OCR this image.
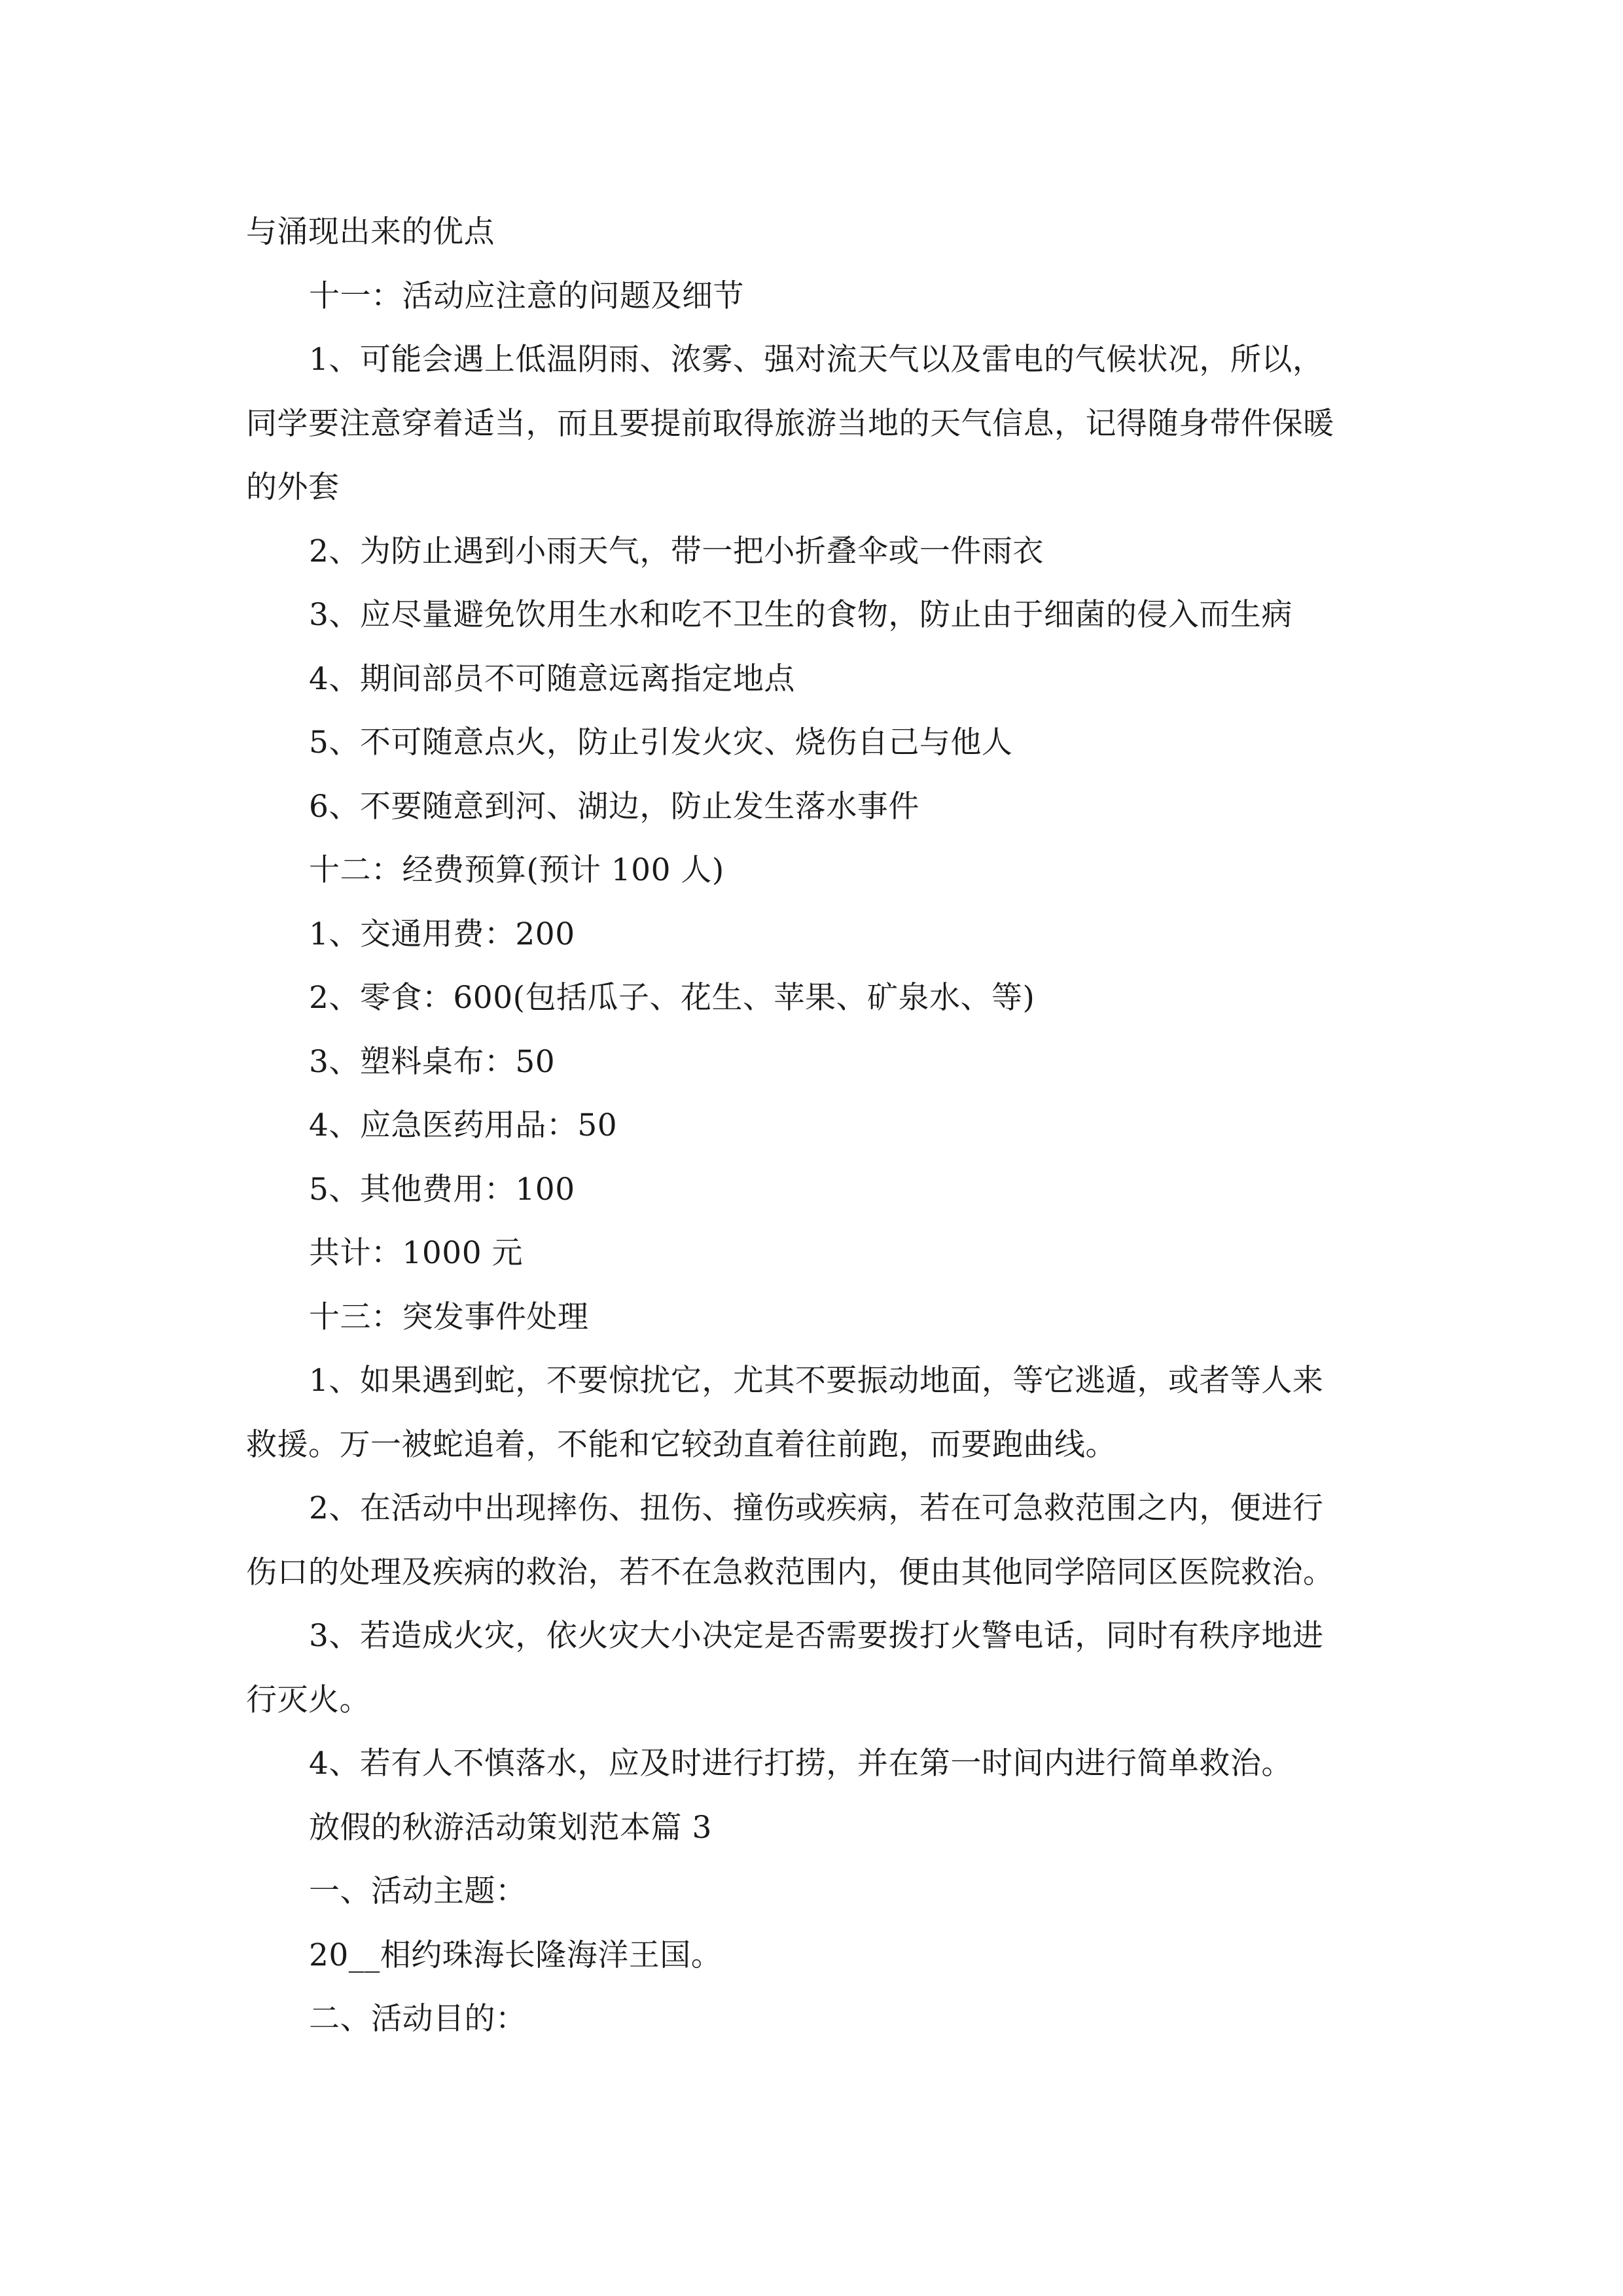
与涌现出来的优点
十一：活动应注意的问题及细节
1、可能会遇上低温阴雨、浓雾、强对流天气以及雷电的气候状况，所以，
同学要注意穿着适当，而且要提前取得旅游当地的天气信息，记得随身带件保暖
的外套
2、为防止遇到小雨天气，带一把小折叠伞或一件雨衣
3、应尽量避免饮用生水和吃不卫生的食物，防止由于细菌的侵入而生病
4、期间部员不可随意远离指定地点
5、不可随意点火，防止引发火灾、烧伤自己与他人
6、不要随意到河、湖边，防止发生落水事件
十二：经费预算(预计 100 人)
1、交通用费：200
2、零食：600(包括瓜子、花生、苹果、矿泉水、等)
3、塑料桌布：50
4、应急医药用品：50
5、其他费用：100
共计：1000 元
十三：突发事件处理
1、如果遇到蛇，不要惊扰它，尤其不要振动地面，等它逃遁，或者等人来
救援。万一被蛇追着，不能和它较劲直着往前跑，而要跑曲线。
2、在活动中出现摔伤、扭伤、撞伤或疾病，若在可急救范围之内，便进行
伤口的处理及疾病的救治，若不在急救范围内，便由其他同学陪同区医院救治。
3、若造成火灾，依火灾大小决定是否需要拨打火警电话，同时有秩序地进
行灭火。
4、若有人不慎落水，应及时进行打捞，并在第一时间内进行简单救治。
放假的秋游活动策划范本篇 3
一、活动主题：
20__相约珠海长隆海洋王国。
二、活动目的：
